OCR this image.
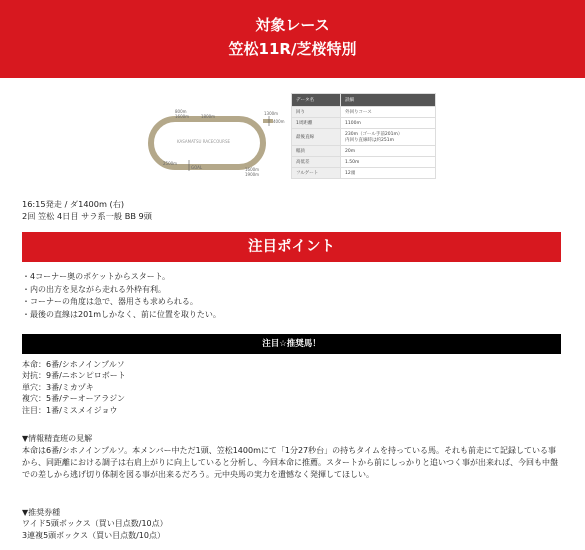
対象レース
笠松11R/芝桜特別
800m
1600m	1800m
1300m
400m
2500m
GOAL	1600m
1900m
KASAMATSU RACECOURSE
データ名	詳細
回り	外回りコース
1周距離	1100m
最後直線	230m（ゴール手前201m）
内回り直線時は約251m

幅員	20m
高低差	1.50m
フルゲート	12頭
16:15発走 / ダ1400m (右)
2回 笠松 4日目 サラ系一般 BB 9頭
注目ポイント
・4コーナー奥のポケットからスタート。
・内の出方を見ながら走れる外枠有利。
・コーナーの角度は急で、器用さも求められる。
・最後の直線は201mしかなく、前に位置を取りたい。
注目☆推奨馬！
本命：6番/シホノインプルソ
対抗：9番/ニホンピロボート
単穴：3番/ミカヅキ
複穴：5番/テーオーアラジン
注目：1番/ミスメイジョウ
▼情報精査班の見解
本命は6番/シホノインプルソ。本メンバー中ただ1頭、笠松1400mにて「1分27秒台」の持ちタイムを持っている馬。それも前走にて記録している事から、同距離における調子は右肩上がりに向上していると分析し、今回本命に推薦。スタートから前にしっかりと追いつく事が出来れば、今回も中盤での差しから逃げ切り体制を図る事が出来るだろう。元中央馬の実力を遺憾なく発揮してほしい。
▼推奨券種
ワイド5頭ボックス（買い目点数/10点）
3連複5頭ボックス（買い目点数/10点）
